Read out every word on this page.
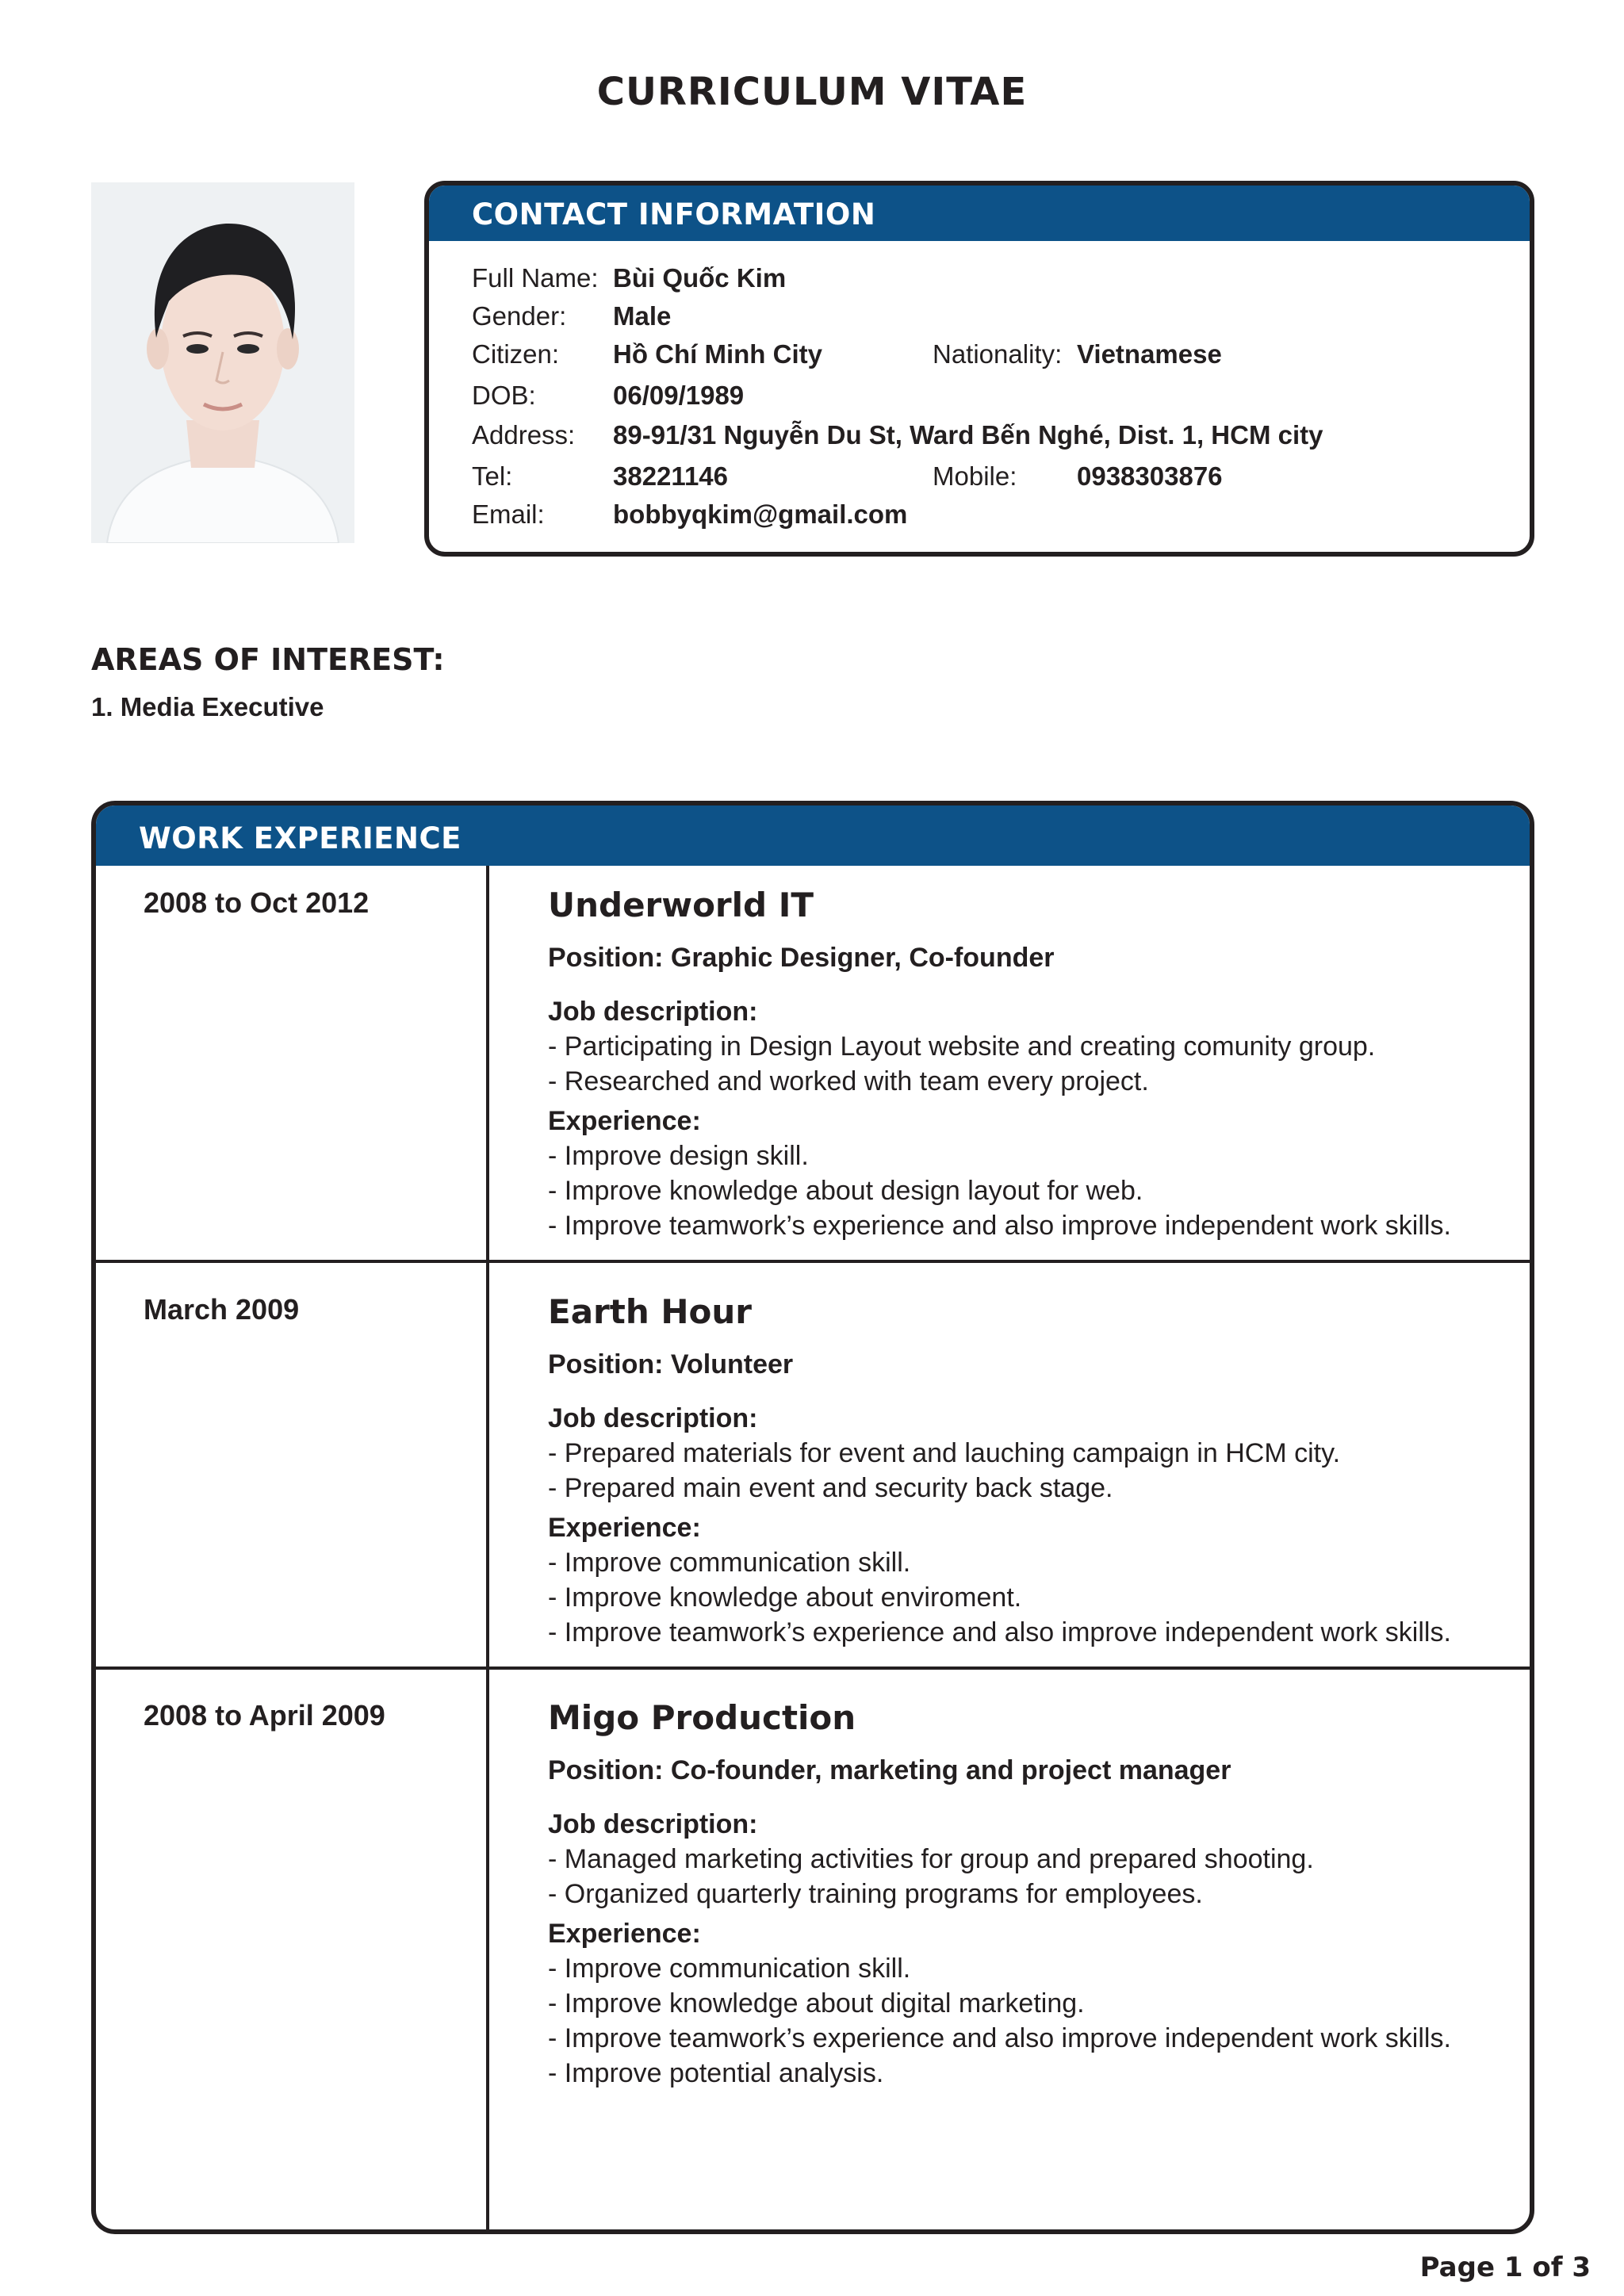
CURRICULUM VITAE
CONTACT INFORMATION
Full Name: Bùi Quốc Kim
Gender: Male
Citizen: Hồ Chí Minh City	Nationality: Vietnamese
DOB:	06/09/1989
Address: 89-91/31 Nguyễn Du St, Ward Bến Nghé, Dist. 1, HCM city
Tel:	38221146	Mobile: 0938303876
Email:	bobbyqkim@gmail.com
AREAS OF INTEREST:
1. Media Executive
WORK EXPERIENCE
2008 to Oct 2012	Underworld IT
Position: Graphic Designer, Co-founder
Job description:
- Participating in Design Layout website and creating comunity group.
- Researched and worked with team every project.
Experience:
- Improve design skill.
- Improve knowledge about design layout for web.
- Improve teamwork’s experience and also improve independent work skills.
March 2009	Earth Hour
Position: Volunteer
Job description:
- Prepared materials for event and lauching campaign in HCM city.
- Prepared main event and security back stage.
Experience:
- Improve communication skill.
- Improve knowledge about enviroment.
- Improve teamwork’s experience and also improve independent work skills.
2008 to April 2009	Migo Production
Position: Co-founder, marketing and project manager
Job description:
- Managed marketing activities for group and prepared shooting.
- Organized quarterly training programs for employees.
Experience:
- Improve communication skill.
- Improve knowledge about digital marketing.
- Improve teamwork’s experience and also improve independent work skills.
- Improve potential analysis.
Page 1 of 3
